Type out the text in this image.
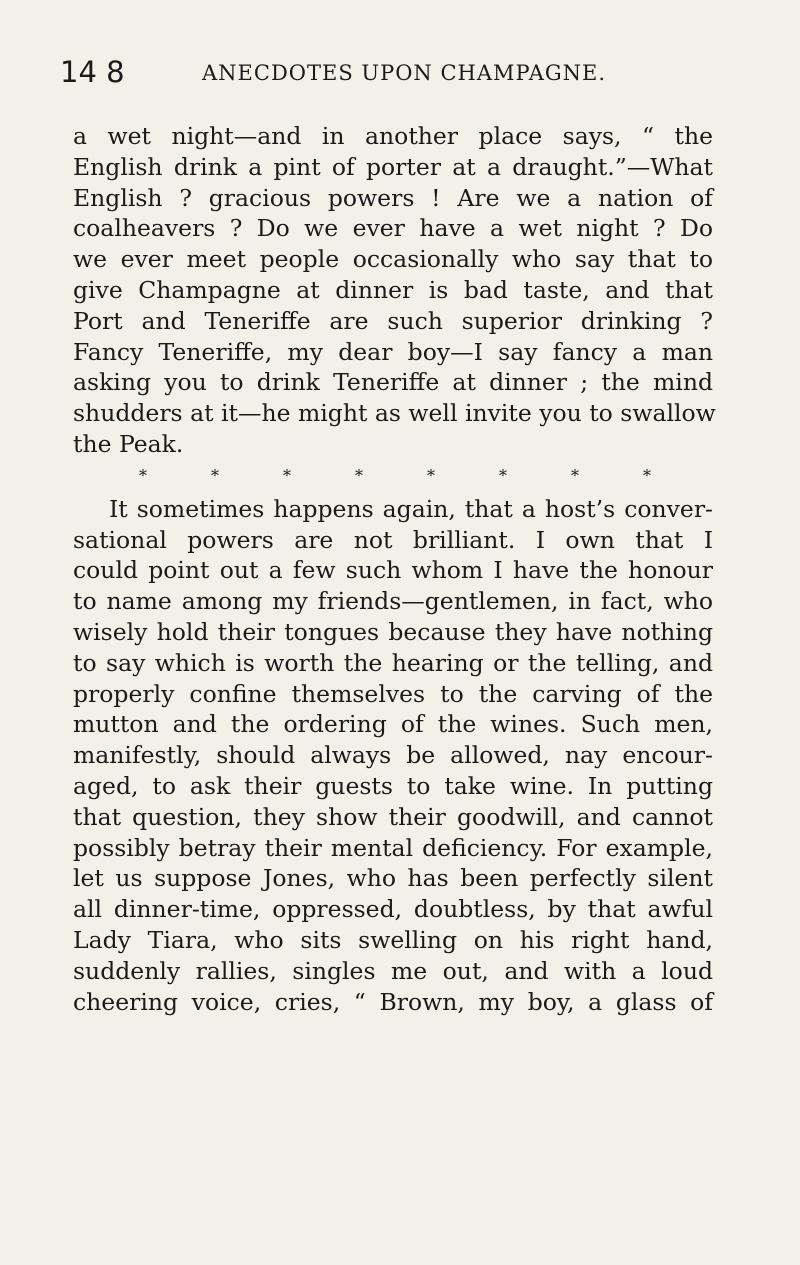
14 8	ANECDOTES UPON CHAMPAGNE.
a wet night—and in another place says, “ the
English drink a pint of porter at a draught.”—What
English ? gracious powers ! Are we a nation of
coalheavers ? Do we ever have a wet night ? Do
we ever meet people occasionally who say that to
give Champagne at dinner is bad taste, and that
Port and Teneriffe are such superior drinking ?
Fancy Teneriffe, my dear boy—I say fancy a man
asking you to drink Teneriffe at dinner ; the mind
shudders at it—he might as well invite you to swallow
the Peak.
*	*	*	*	*	*	*	*
It sometimes happens again, that a host’s conver-
sational powers are not brilliant. I own that I
could point out a few such whom I have the honour
to name among my friends—gentlemen, in fact, who
wisely hold their tongues because they have nothing
to say which is worth the hearing or the telling, and
properly confine themselves to the carving of the
mutton and the ordering of the wines. Such men,
manifestly, should always be allowed, nay encour-
aged, to ask their guests to take wine. In putting
that question, they show their goodwill, and cannot
possibly betray their mental deficiency. For example,
let us suppose Jones, who has been perfectly silent
all dinner-time, oppressed, doubtless, by that awful
Lady Tiara, who sits swelling on his right hand,
suddenly rallies, singles me out, and with a loud
cheering voice, cries, “ Brown, my boy, a glass of
